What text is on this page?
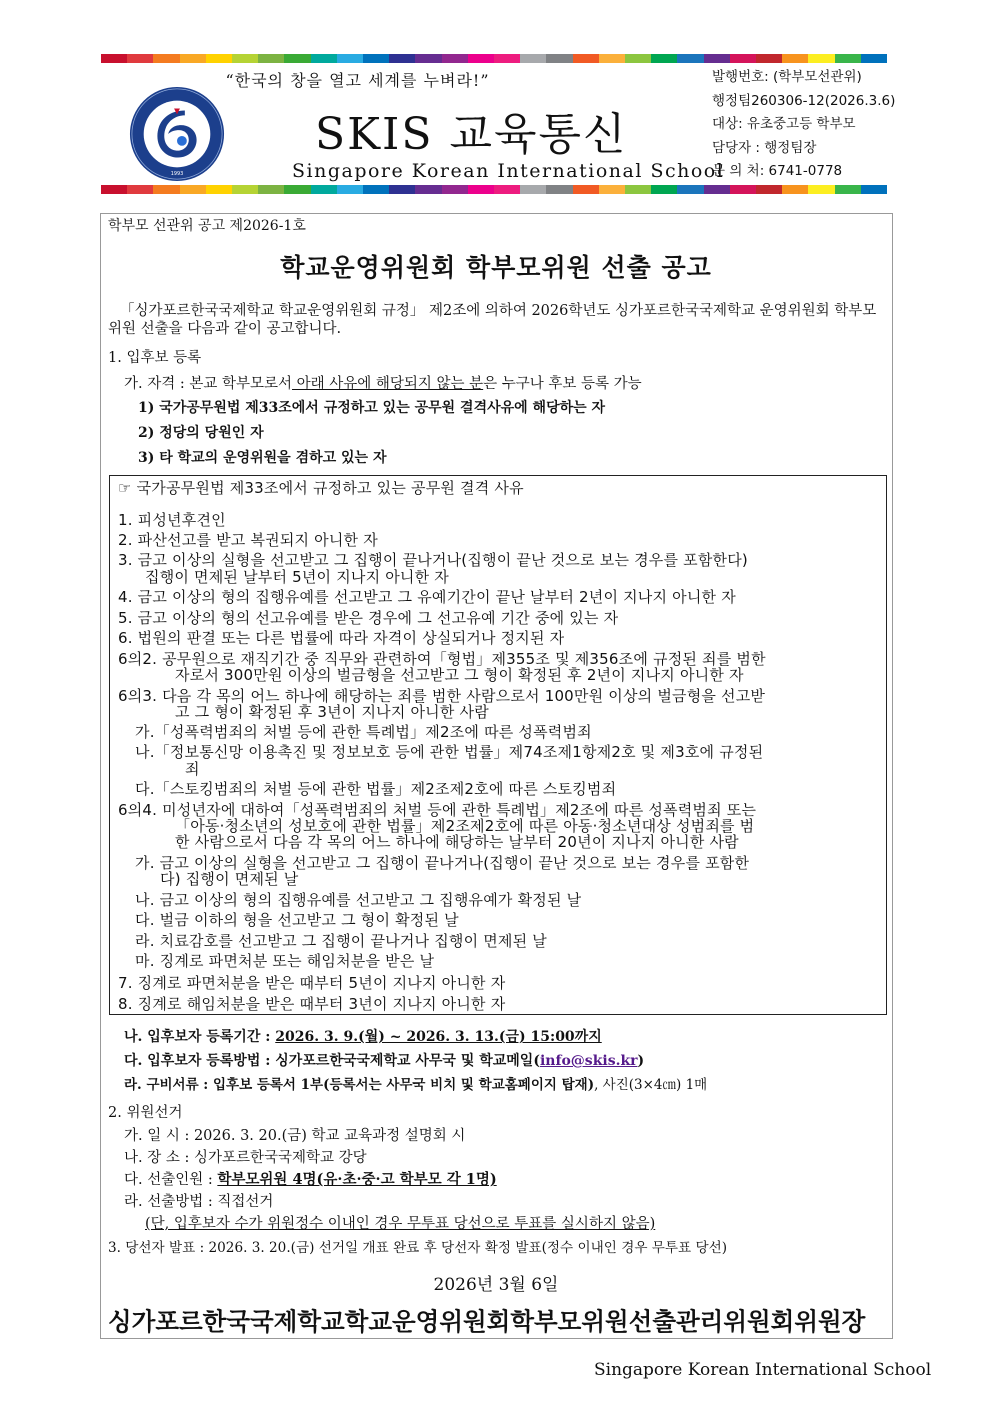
1993
“한국의 창을 열고 세계를 누벼라!”
SKIS 교육통신
Singapore Korean International School
발행번호: (학부모선관위)
행정팀260306-12(2026.3.6)
대상: 유초중고등 학부모
담당자 : 행정팀장
문 의 처: 6741-0778
학부모 선관위 공고 제2026-1호
학교운영위원회 학부모위원 선출 공고
「싱가포르한국국제학교 학교운영위원회 규정」 제2조에 의하여 2026학년도 싱가포르한국국제학교 운영위원회 학부모위원 선출을 다음과 같이 공고합니다.
1. 입후보 등록
가. 자격 : 본교 학부모로서 아래 사유에 해당되지 않는 분은 누구나 후보 등록 가능
1) 국가공무원법 제33조에서 규정하고 있는 공무원 결격사유에 해당하는 자
2) 정당의 당원인 자
3) 타 학교의 운영위원을 겸하고 있는 자
☞ 국가공무원법 제33조에서 규정하고 있는 공무원 결격 사유
1. 피성년후견인
2. 파산선고를 받고 복권되지 아니한 자
3. 금고 이상의 실형을 선고받고 그 집행이 끝나거나(집행이 끝난 것으로 보는 경우를 포함한다)
집행이 면제된 날부터 5년이 지나지 아니한 자
4. 금고 이상의 형의 집행유예를 선고받고 그 유예기간이 끝난 날부터 2년이 지나지 아니한 자
5. 금고 이상의 형의 선고유예를 받은 경우에 그 선고유예 기간 중에 있는 자
6. 법원의 판결 또는 다른 법률에 따라 자격이 상실되거나 정지된 자
6의2. 공무원으로 재직기간 중 직무와 관련하여「형법」제355조 및 제356조에 규정된 죄를 범한
자로서 300만원 이상의 벌금형을 선고받고 그 형이 확정된 후 2년이 지나지 아니한 자
6의3. 다음 각 목의 어느 하나에 해당하는 죄를 범한 사람으로서 100만원 이상의 벌금형을 선고받
고 그 형이 확정된 후 3년이 지나지 아니한 사람
가.「성폭력범죄의 처벌 등에 관한 특례법」제2조에 따른 성폭력범죄
나.「정보통신망 이용촉진 및 정보보호 등에 관한 법률」제74조제1항제2호 및 제3호에 규정된
죄
다.「스토킹범죄의 처벌 등에 관한 법률」제2조제2호에 따른 스토킹범죄
6의4. 미성년자에 대하여「성폭력범죄의 처벌 등에 관한 특례법」제2조에 따른 성폭력범죄 또는
「아동·청소년의 성보호에 관한 법률」제2조제2호에 따른 아동·청소년대상 성범죄를 범
한 사람으로서 다음 각 목의 어느 하나에 해당하는 날부터 20년이 지나지 아니한 사람
가. 금고 이상의 실형을 선고받고 그 집행이 끝나거나(집행이 끝난 것으로 보는 경우를 포함한
다) 집행이 면제된 날
나. 금고 이상의 형의 집행유예를 선고받고 그 집행유예가 확정된 날
다. 벌금 이하의 형을 선고받고 그 형이 확정된 날
라. 치료감호를 선고받고 그 집행이 끝나거나 집행이 면제된 날
마. 징계로 파면처분 또는 해임처분을 받은 날
7. 징계로 파면처분을 받은 때부터 5년이 지나지 아니한 자
8. 징계로 해임처분을 받은 때부터 3년이 지나지 아니한 자
나. 입후보자 등록기간 : 2026. 3. 9.(월) ~ 2026. 3. 13.(금) 15:00까지
다. 입후보자 등록방법 : 싱가포르한국국제학교 사무국 및 학교메일(info@skis.kr)
라. 구비서류 : 입후보 등록서 1부(등록서는 사무국 비치 및 학교홈페이지 탑재), 사진(3×4㎝) 1매
2. 위원선거
가. 일 시 : 2026. 3. 20.(금) 학교 교육과정 설명회 시
나. 장 소 : 싱가포르한국국제학교 강당
다. 선출인원 : 학부모위원 4명(유·초·중·고 학부모 각 1명)
라. 선출방법 : 직접선거
(단, 입후보자 수가 위원정수 이내인 경우 무투표 당선으로 투표를 실시하지 않음)
3. 당선자 발표 : 2026. 3. 20.(금) 선거일 개표 완료 후 당선자 확정 발표(정수 이내인 경우 무투표 당선)
2026년 3월 6일
싱가포르한국국제학교학교운영위원회학부모위원선출관리위원회위원장
Singapore Korean International School
